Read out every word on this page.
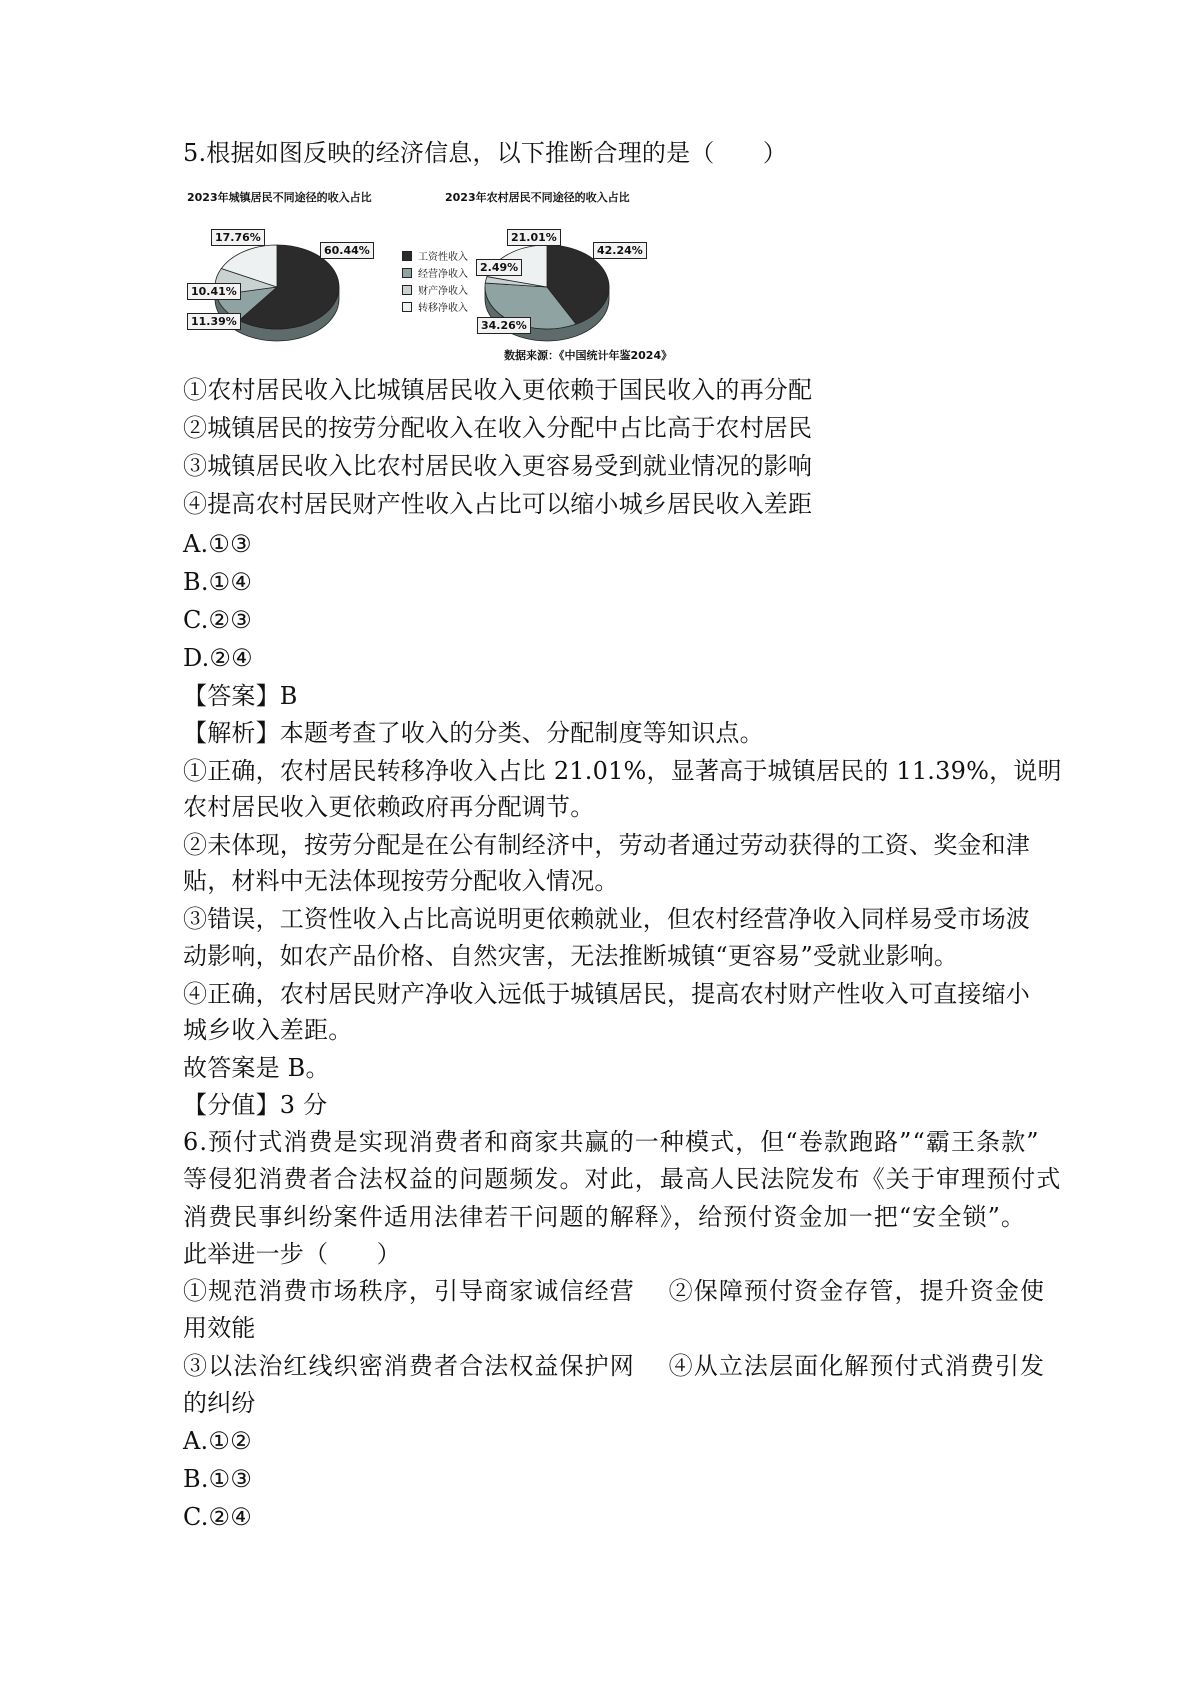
5.根据如图反映的经济信息，以下推断合理的是（　　）
2023年城镇居民不同途径的收入占比	2023年农村居民不同途径的收入占比
60.44%
10.41%
11.39%
17.76%
42.24%
34.26%
2.49%
21.01%
工资性收入
经营净收入
财产净收入
转移净收入
数据来源：《中国统计年鉴2024》
①农村居民收入比城镇居民收入更依赖于国民收入的再分配
②城镇居民的按劳分配收入在收入分配中占比高于农村居民
③城镇居民收入比农村居民收入更容易受到就业情况的影响
④提高农村居民财产性收入占比可以缩小城乡居民收入差距
A.①③
B.①④
C.②③
D.②④
【答案】B
【解析】本题考查了收入的分类、分配制度等知识点。
①正确，农村居民转移净收入占比 21.01%，显著高于城镇居民的 11.39%，说明
农村居民收入更依赖政府再分配调节。
②未体现，按劳分配是在公有制经济中，劳动者通过劳动获得的工资、奖金和津
贴，材料中无法体现按劳分配收入情况。
③错误，工资性收入占比高说明更依赖就业，但农村经营净收入同样易受市场波
动影响，如农产品价格、自然灾害，无法推断城镇“更容易”受就业影响。
④正确，农村居民财产净收入远低于城镇居民，提高农村财产性收入可直接缩小
城乡收入差距。
故答案是 B。
【分值】3 分
6.预付式消费是实现消费者和商家共赢的一种模式，但“卷款跑路”“霸王条款”
等侵犯消费者合法权益的问题频发。对此，最高人民法院发布《关于审理预付式
消费民事纠纷案件适用法律若干问题的解释》，给预付资金加一把“安全锁”。
此举进一步（　　）
①规范消费市场秩序，引导商家诚信经营　 ②保障预付资金存管，提升资金使
用效能
③以法治红线织密消费者合法权益保护网　 ④从立法层面化解预付式消费引发
的纠纷
A.①②
B.①③
C.②④
